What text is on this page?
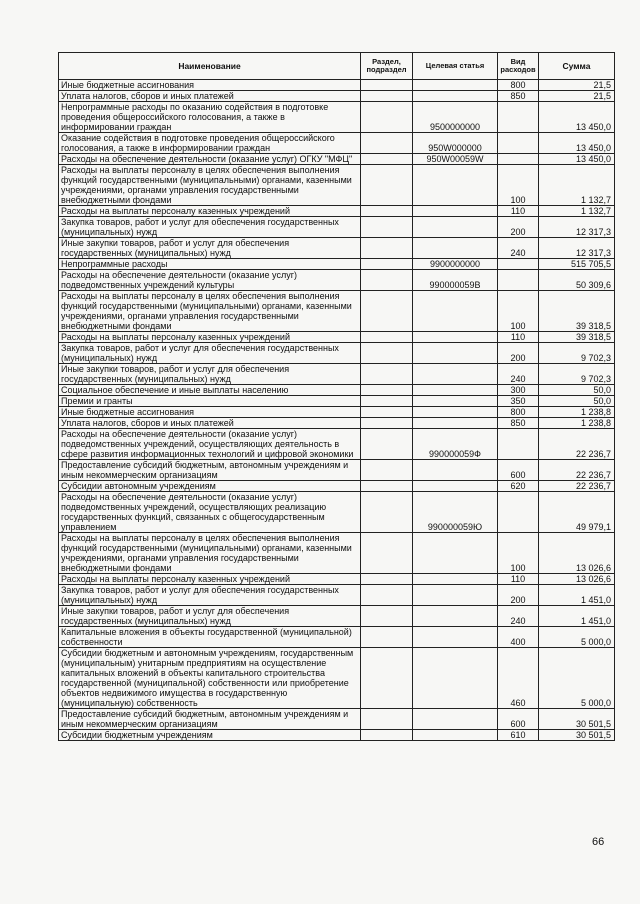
Наименование	Раздел, подраздел	Целевая статья	Вид расходов	Сумма
Иные бюджетные ассигнования			800	21,5
Уплата налогов, сборов и иных платежей			850	21,5
Непрограммные расходы по оказанию содействия в подготовке проведения общероссийского голосования, а также в информировании граждан		9500000000		13 450,0
Оказание содействия в подготовке проведения общероссийского голосования, а также в информировании граждан		950W000000		13 450,0
Расходы на обеспечение деятельности (оказание услуг) ОГКУ "МФЦ"		950W00059W		13 450,0
Расходы на выплаты персоналу в целях обеспечения выполнения функций государственными (муниципальными) органами, казенными учреждениями, органами управления государственными внебюджетными фондами			100	1 132,7
Расходы на выплаты персоналу казенных учреждений			110	1 132,7
Закупка товаров, работ и услуг для обеспечения государственных (муниципальных) нужд			200	12 317,3
Иные закупки товаров, работ и услуг для обеспечения государственных (муниципальных) нужд			240	12 317,3
Непрограммные расходы		9900000000		515 705,5
Расходы на обеспечение деятельности (оказание услуг) подведомственных учреждений культуры		990000059В		50 309,6
Расходы на выплаты персоналу в целях обеспечения выполнения функций государственными (муниципальными) органами, казенными учреждениями, органами управления государственными внебюджетными фондами			100	39 318,5
Расходы на выплаты персоналу казенных учреждений			110	39 318,5
Закупка товаров, работ и услуг для обеспечения государственных (муниципальных) нужд			200	9 702,3
Иные закупки товаров, работ и услуг для обеспечения государственных (муниципальных) нужд			240	9 702,3
Социальное обеспечение и иные выплаты населению			300	50,0
Премии и гранты			350	50,0
Иные бюджетные ассигнования			800	1 238,8
Уплата налогов, сборов и иных платежей			850	1 238,8
Расходы на обеспечение деятельности (оказание услуг) подведомственных учреждений, осуществляющих деятельность в сфере развития информационных технологий и цифровой экономики		990000059Ф		22 236,7
Предоставление субсидий бюджетным, автономным учреждениям и иным некоммерческим организациям			600	22 236,7
Субсидии автономным учреждениям			620	22 236,7
Расходы на обеспечение деятельности (оказание услуг) подведомственных учреждений, осуществляющих реализацию государственных функций, связанных с общегосударственным управлением		990000059Ю		49 979,1
Расходы на выплаты персоналу в целях обеспечения выполнения функций государственными (муниципальными) органами, казенными учреждениями, органами управления государственными внебюджетными фондами			100	13 026,6
Расходы на выплаты персоналу казенных учреждений			110	13 026,6
Закупка товаров, работ и услуг для обеспечения государственных (муниципальных) нужд			200	1 451,0
Иные закупки товаров, работ и услуг для обеспечения государственных (муниципальных) нужд			240	1 451,0
Капитальные вложения в объекты государственной (муниципальной) собственности			400	5 000,0
Субсидии бюджетным и автономным учреждениям, государственным (муниципальным) унитарным предприятиям на осуществление капитальных вложений в объекты капитального строительства государственной (муниципальной) собственности или приобретение объектов недвижимого имущества в государственную (муниципальную) собственность			460	5 000,0
Предоставление субсидий бюджетным, автономным учреждениям и иным некоммерческим организациям			600	30 501,5
Субсидии бюджетным учреждениям			610	30 501,5
66
